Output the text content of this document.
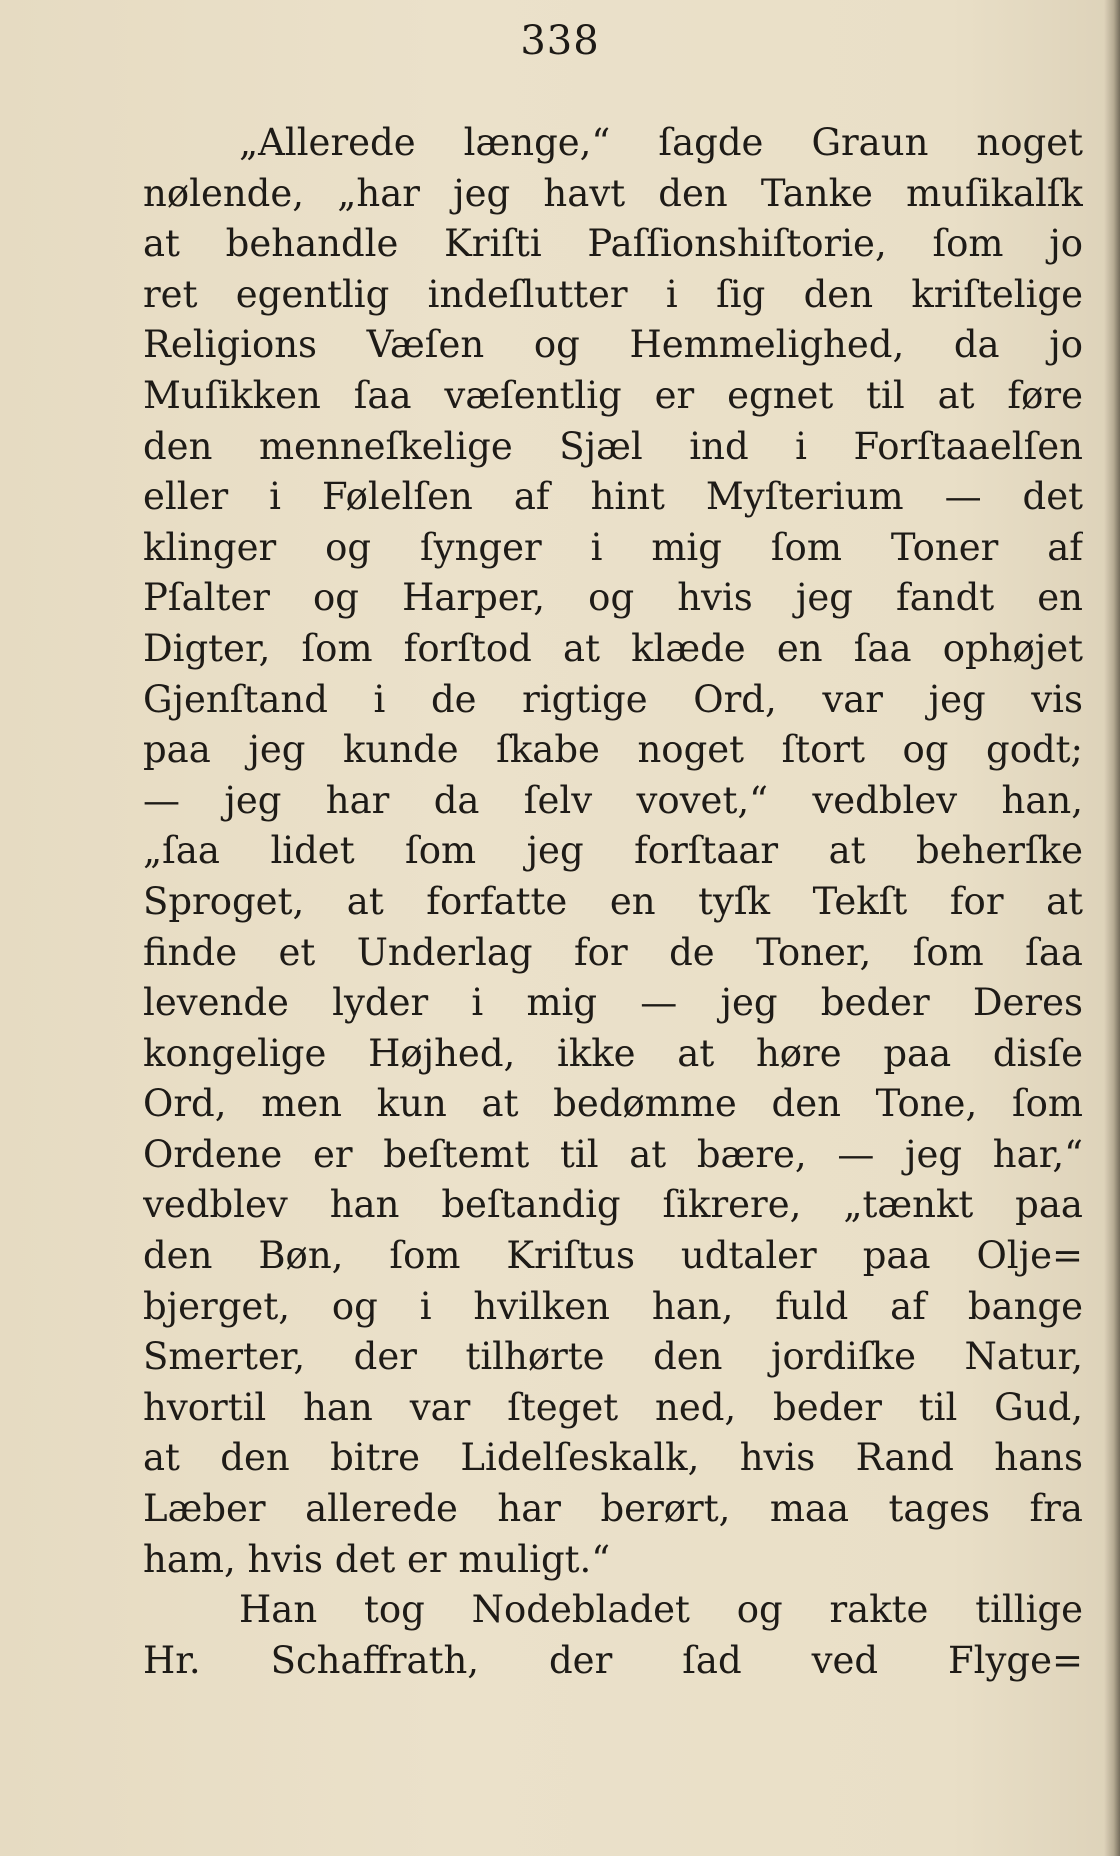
338
„Allerede længe,“ ſagde Graun noget
nølende, „har jeg havt den Tanke muſikalſk
at behandle Kriſti Paſſionshiſtorie, ſom jo
ret egentlig indeſlutter i ſig den kriſtelige
Religions Væſen og Hemmelighed, da jo
Muſikken ſaa væſentlig er egnet til at føre
den menneſkelige Sjæl ind i Forſtaaelſen
eller i Følelſen af hint Myſterium — det
klinger og ſynger i mig ſom Toner af
Pſalter og Harper, og hvis jeg fandt en
Digter, ſom forſtod at klæde en ſaa ophøjet
Gjenſtand i de rigtige Ord, var jeg vis
paa jeg kunde ſkabe noget ſtort og godt;
— jeg har da ſelv vovet,“ vedblev han,
„ſaa lidet ſom jeg forſtaar at beherſke
Sproget, at forfatte en tyſk Tekſt for at
finde et Underlag for de Toner, ſom ſaa
levende lyder i mig — jeg beder Deres
kongelige Højhed, ikke at høre paa disſe
Ord, men kun at bedømme den Tone, ſom
Ordene er beſtemt til at bære, — jeg har,“
vedblev han beſtandig ſikrere, „tænkt paa
den Bøn, ſom Kriſtus udtaler paa Olje=
bjerget, og i hvilken han, fuld af bange
Smerter, der tilhørte den jordiſke Natur,
hvortil han var ſteget ned, beder til Gud,
at den bitre Lidelſeskalk, hvis Rand hans
Læber allerede har berørt, maa tages fra
ham, hvis det er muligt.“
Han tog Nodebladet og rakte tillige
Hr. Schaffrath, der ſad ved Flyge=
